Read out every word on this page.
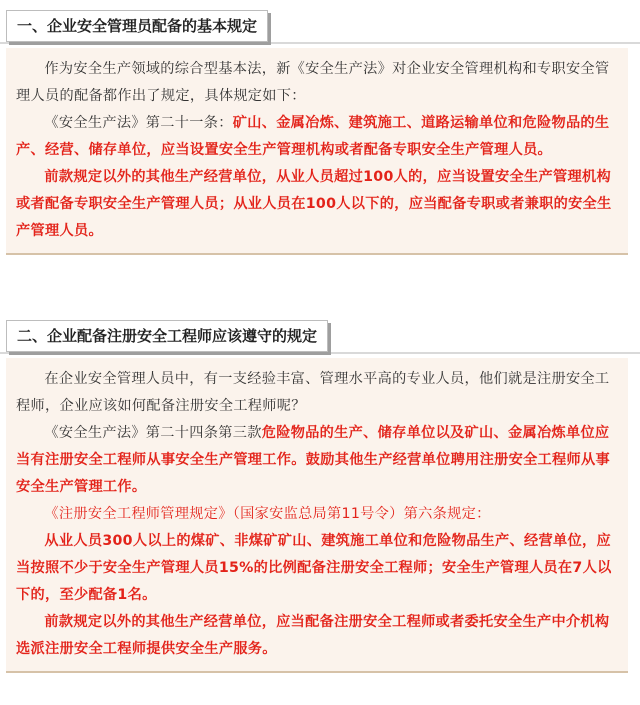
一、企业安全管理员配备的基本规定

作为安全生产领域的综合型基本法，新《安全生产法》对企业安全管理机构和专职安全管理人员的配备都作出了规定，具体规定如下：

《安全生产法》第二十一条：矿山、金属冶炼、建筑施工、道路运输单位和危险物品的生产、经营、储存单位，应当设置安全生产管理机构或者配备专职安全生产管理人员。

前款规定以外的其他生产经营单位，从业人员超过100人的，应当设置安全生产管理机构或者配备专职安全生产管理人员；从业人员在100人以下的，应当配备专职或者兼职的安全生产管理人员。

二、企业配备注册安全工程师应该遵守的规定

在企业安全管理人员中，有一支经验丰富、管理水平高的专业人员，他们就是注册安全工程师，企业应该如何配备注册安全工程师呢？

《安全生产法》第二十四条第三款危险物品的生产、储存单位以及矿山、金属冶炼单位应当有注册安全工程师从事安全生产管理工作。鼓励其他生产经营单位聘用注册安全工程师从事安全生产管理工作。

《注册安全工程师管理规定》（国家安监总局第11号令）第六条规定：

从业人员300人以上的煤矿、非煤矿矿山、建筑施工单位和危险物品生产、经营单位，应当按照不少于安全生产管理人员15%的比例配备注册安全工程师；安全生产管理人员在7人以下的，至少配备1名。

前款规定以外的其他生产经营单位，应当配备注册安全工程师或者委托安全生产中介机构选派注册安全工程师提供安全生产服务。
